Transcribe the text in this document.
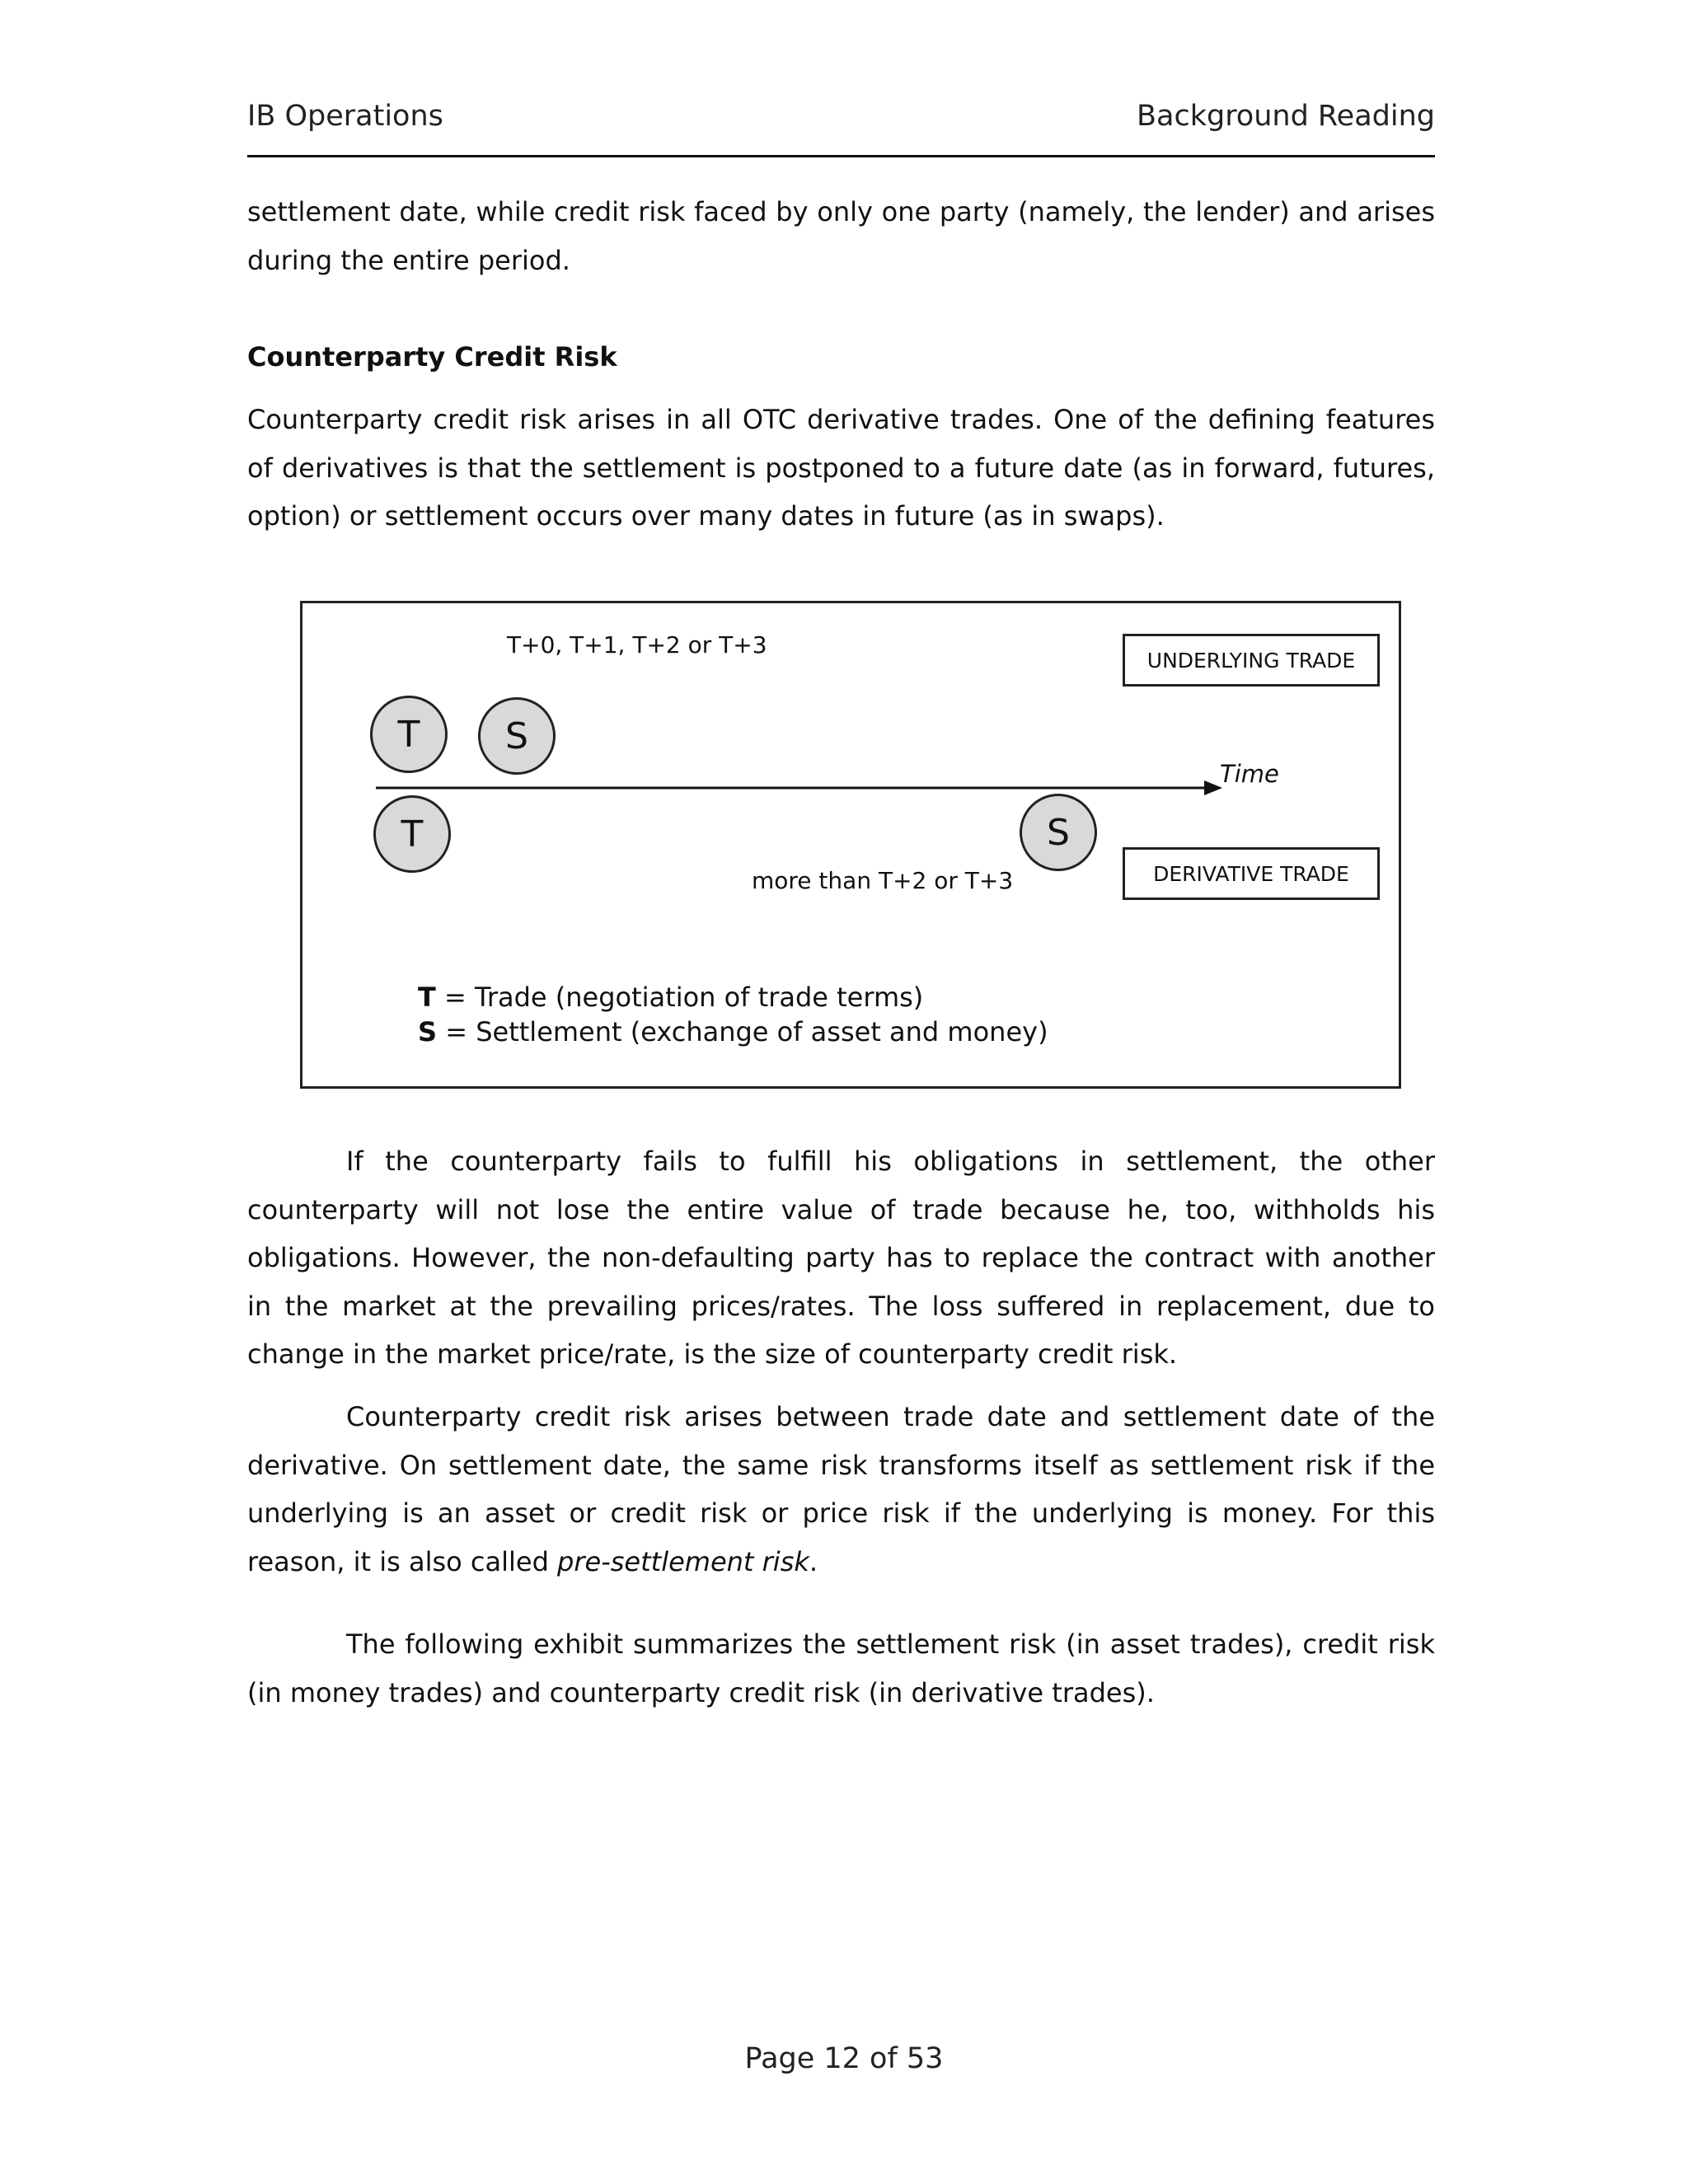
IB Operations	Background Reading
settlement date, while credit risk faced by only one party (namely, the lender) and arises during the entire period.
Counterparty Credit Risk
Counterparty credit risk arises in all OTC derivative trades. One of the defining features of derivatives is that the settlement is postponed to a future date (as in forward, futures, option) or settlement occurs over many dates in future (as in swaps).
T+0, T+1, T+2 or T+3
Time
more than T+2 or T+3
UNDERLYING TRADE
DERIVATIVE TRADE
T	S
T	S
T = Trade (negotiation of trade terms)
S = Settlement (exchange of asset and money)
If the counterparty fails to fulfill his obligations in settlement, the other counterparty will not lose the entire value of trade because he, too, withholds his obligations. However, the non-defaulting party has to replace the contract with another in the market at the prevailing prices/rates. The loss suffered in replacement, due to change in the market price/rate, is the size of counterparty credit risk.
Counterparty credit risk arises between trade date and settlement date of the derivative. On settlement date, the same risk transforms itself as settlement risk if the underlying is an asset or credit risk or price risk if the underlying is money. For this reason, it is also called pre-settlement risk.
The following exhibit summarizes the settlement risk (in asset trades), credit risk (in money trades) and counterparty credit risk (in derivative trades).
Page 12 of 53
